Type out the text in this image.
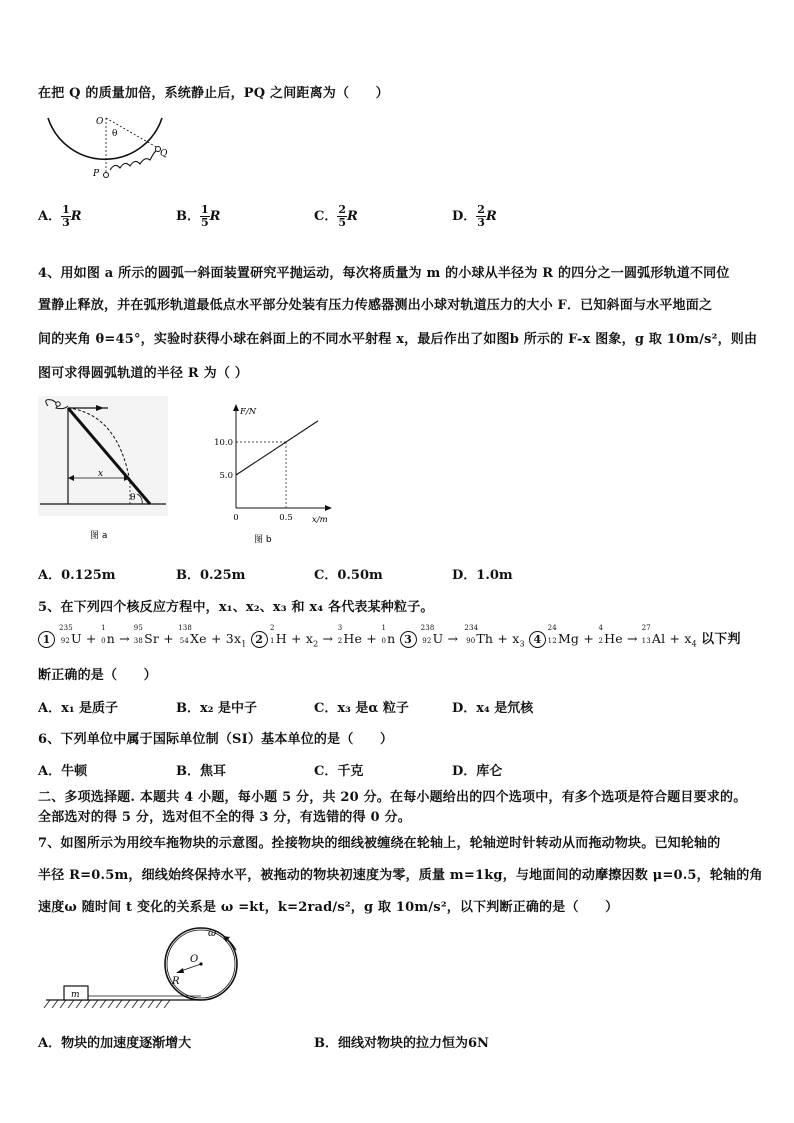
在把 Q 的质量加倍，系统静止后，PQ 之间距离为（　　）
O
θ
P
Q
A． $\frac{1}{3}$ R	B． $\frac{1}{5}$ R	C． $\frac{2}{5}$ R	D． $\frac{2}{3}$ R
4、用如图 a 所示的圆弧一斜面装置研究平抛运动，每次将质量为 m 的小球从半径为 R 的四分之一圆弧形轨道不同位
置静止释放，并在弧形轨道最低点水平部分处装有压力传感器测出小球对轨道压力的大小 F．已知斜面与水平地面之
间的夹角 θ=45°，实验时获得小球在斜面上的不同水平射程 x，最后作出了如图b 所示的 F-x 图象，g 取 10m/s²，则由
图可求得圆弧轨道的半径 R 为（ ）
x
θ
图 a
F/N
x/m
10.0
5.0
0	0.5
图 b
A．0.125m	B．0.25m	C．0.50m	D．1.0m
5、在下列四个核反应方程中，x₁、x₂、x₃ 和 x₄ 各代表某种粒子。
1
235
92 U +
1
0 n →
95
38 Sr +
138
54 $Xe + 3x_1$ 2
2
1 $H + x_2$ →
3
2 He +
1
0 n 3
238
92 U →
234
90 $Th + x_3$ 4
24
12 Mg +
4
2 He →
27
13 $Al + x_4$ 以下判
断正确的是（　　）
A．x₁ 是质子	B．x₂ 是中子	C．x₃ 是α 粒子	D．x₄ 是氘核
6、下列单位中属于国际单位制（SI）基本单位的是（　　）
A．牛顿	B．焦耳	C．千克	D．库仑
二、多项选择题. 本题共 4 小题，每小题 5 分，共 20 分。在每小题给出的四个选项中，有多个选项是符合题目要求的。
全部选对的得 5 分，选对但不全的得 3 分，有选错的得 0 分。
7、如图所示为用绞车拖物块的示意图。拴接物块的细线被缠绕在轮轴上，轮轴逆时针转动从而拖动物块。已知轮轴的
半径 R=0.5m，细线始终保持水平，被拖动的物块初速度为零，质量 m=1kg，与地面间的动摩擦因数 μ=0.5，轮轴的角
速度ω 随时间 t 变化的关系是 ω =kt，k=2rad/s²，g 取 10m/s²，以下判断正确的是（　　）
O
R
ω
m
A．物块的加速度逐渐增大	B．细线对物块的拉力恒为6N
